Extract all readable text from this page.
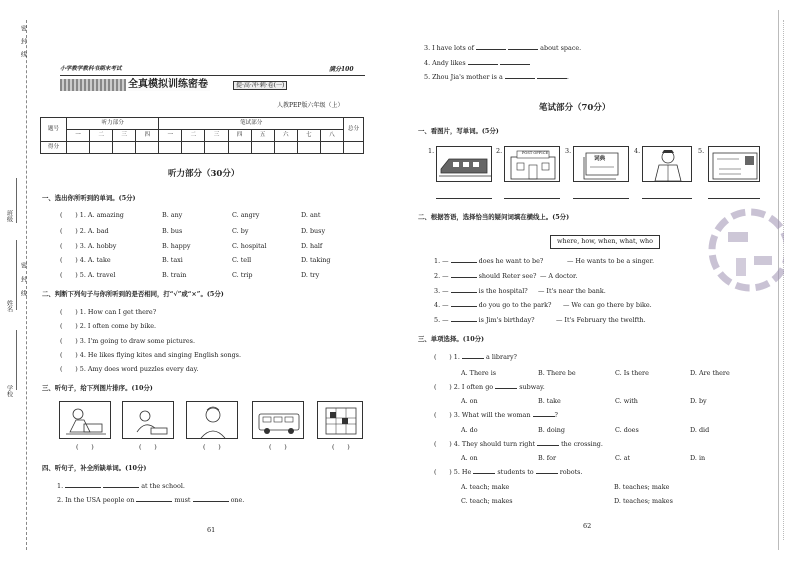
班级
姓名
学校
密
封
线
密
封
线
小学教学教科书期末考试	满分100
全真模拟训练密卷	提·高·冲·刺·卷(一)
人教PEP版六年级（上）
题号	听力部分				笔试部分								总分
	一	二	三	四	一	二	三	四	五	六	七	八	
得分													
听力部分（30分）
一、选出你所听到的单词。(5分)
(　　) 1. A. amazing	B. any	C. angry	D. ant
(　　) 2. A. bad	B. bus	C. by	D. busy
(　　) 3. A. hobby	B. happy	C. hospital	D. half
(　　) 4. A. take	B. taxi	C. tell	D. taking
(　　) 5. A. travel	B. train	C. trip	D. try
二、判断下列句子与你所听到的是否相同，打“√”或“×”。(5分)
(　　) 1. How can I get there?
(　　) 2. I often come by bike.
(　　) 3. I'm going to draw some pictures.
(　　) 4. He likes flying kites and singing English songs.
(　　) 5. Amy does word puzzles every day.
三、听句子，给下列图片排序。(10分)
(　　)	(　　)	(　　)	(　　)	(　　)
四、听句子，补全所缺单词。(10分)
1.	at the school.
2. In the USA people on	must	one.
61
3. I have lots of	about space.
4. Andy likes
5. Zhou Jia's mother is a	.
笔试部分（70分）
一、看图片，写单词。(5分)
1.	2.	POST OFFICE	3.
词典
4.	5.
二、根据答语，选择恰当的疑问词填在横线上。(5分)
where, how, when, what, who
1. —	does he want to be?	— He wants to be a singer.
2. —	should Reter see? — A doctor.
3. —	is the hospital? — It's near the bank.
4. —	do you go to the park? — We can go there by bike.
5. —	is Jim's birthday?	— It's February the twelfth.
三、单项选择。(10分)
(　　) 1.	a library?
A. There is	B. There be	C. Is there	D. Are there
(　　) 2. I often go	subway.
A. on	B. take	C. with	D. by
(　　) 3. What will the woman	?
A. do	B. doing	C. does	D. did
(　　) 4. They should turn right	the crossing.
A. on	B. for	C. at	D. in
(　　) 5. He	students to	robots.
A. teach; make	B. teaches; make
C. teach; makes	D. teaches; makes
62
